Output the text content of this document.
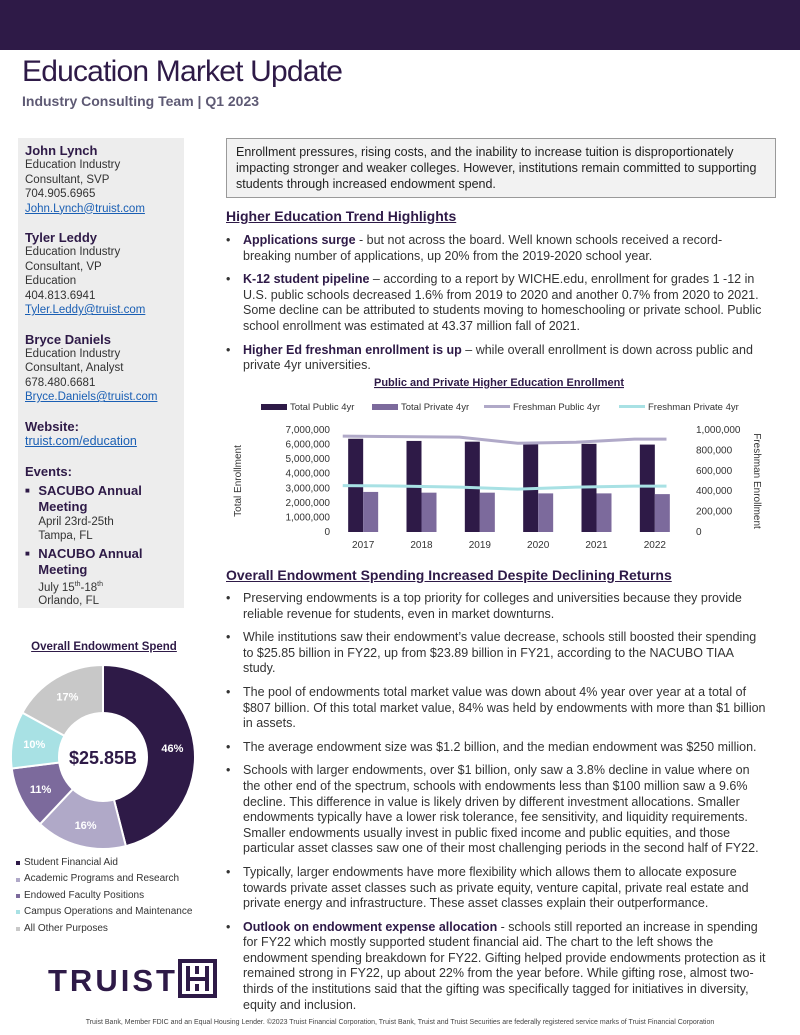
Education Market Update
Industry Consulting Team | Q1 2023
John Lynch
Education Industry
Consultant, SVP
704.905.6965
John.Lynch@truist.com
Tyler Leddy
Education Industry
Consultant, VP
Education
404.813.6941
Tyler.Leddy@truist.com
Bryce Daniels
Education Industry
Consultant, Analyst
678.480.6681
Bryce.Daniels@truist.com
Website:
truist.com/education
Events:
■ SACUBO Annual Meeting
April 23rd-25th
Tampa, FL
■ NACUBO Annual Meeting
July 15th-18th
Orlando, FL
Overall Endowment Spend
46%
16%
11%
10%
17%
$25.85B
Student Financial Aid
Academic Programs and Research
Endowed Faculty Positions
Campus Operations and Maintenance
All Other Purposes
TRUIST
Enrollment pressures, rising costs, and the inability to increase tuition is disproportionately impacting stronger and weaker colleges. However, institutions remain committed to supporting students through increased endowment spend.
Higher Education Trend Highlights
•	Applications surge - but not across the board. Well known schools received a record-breaking number of applications, up 20% from the 2019-2020 school year.
•	K-12 student pipeline – according to a report by WICHE.edu, enrollment for grades 1 -12 in U.S. public schools decreased 1.6% from 2019 to 2020 and another 0.7% from 2020 to 2021. Some decline can be attributed to students moving to homeschooling or private school. Public school enrollment was estimated at 43.37 million fall of 2021.
•	Higher Ed freshman enrollment is up – while overall enrollment is down across public and private 4yr universities.
Public and Private Higher Education Enrollment
Total Public 4yr	Total Private 4yr	Freshman Public 4yr	Freshman Private 4yr
0
1,000,000
2,000,000
3,000,000
4,000,000
5,000,000
6,000,000
7,000,000
0
200,000
400,000
600,000
800,000
1,000,000
Total Enrollment	Freshman Enrollment
2017	2018	2019	2020	2021	2022
Overall Endowment Spending Increased Despite Declining Returns
•	Preserving endowments is a top priority for colleges and universities because they provide reliable revenue for students, even in market downturns.
•	While institutions saw their endowment’s value decrease, schools still boosted their spending to $25.85 billion in FY22, up from $23.89 billion in FY21, according to the NACUBO TIAA study.
•	The pool of endowments total market value was down about 4% year over year at a total of $807 billion. Of this total market value, 84% was held by endowments with more than $1 billion in assets.
•	The average endowment size was $1.2 billion, and the median endowment was $250 million.
•	Schools with larger endowments, over $1 billion, only saw a 3.8% decline in value where on the other end of the spectrum, schools with endowments less than $100 million saw a 9.6% decline. This difference in value is likely driven by different investment allocations. Smaller endowments typically have a lower risk tolerance, fee sensitivity, and liquidity requirements. Smaller endowments usually invest in public fixed income and public equities, and those particular asset classes saw one of their most challenging periods in the second half of FY22.
•	Typically, larger endowments have more flexibility which allows them to allocate exposure towards private asset classes such as private equity, venture capital, private real estate and private energy and infrastructure. These asset classes explain their outperformance.
•	Outlook on endowment expense allocation - schools still reported an increase in spending for FY22 which mostly supported student financial aid. The chart to the left shows the endowment spending breakdown for FY22. Gifting helped provide endowments protection as it remained strong in FY22, up about 22% from the year before. While gifting rose, almost two-thirds of the institutions said that the gifting was specifically tagged for initiatives in diversity, equity and inclusion.
Truist Bank, Member FDIC and an Equal Housing Lender. ©2023 Truist Financial Corporation, Truist Bank, Truist and Truist Securities are federally registered service marks of Truist Financial Corporation
